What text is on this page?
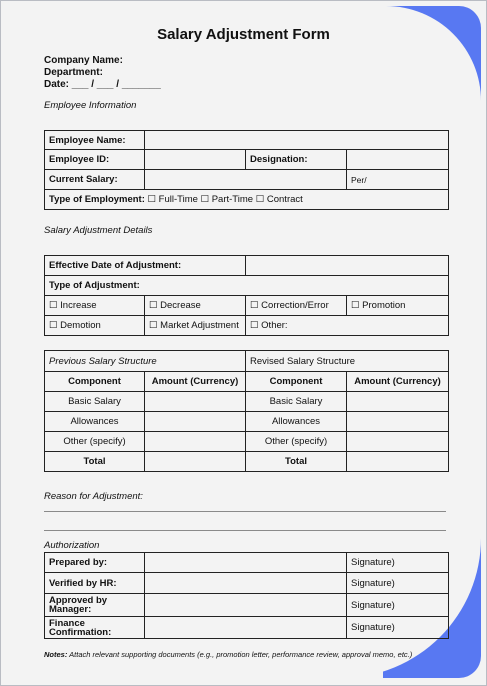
Salary Adjustment Form
Company Name:
Department:
Date: ___ / ___ / _______
Employee Information
Employee Name:			
Employee ID:		Designation:	
Current Salary:			Per/
Type of Employment: ☐ Full-Time ☐ Part-Time ☐ Contract			
Salary Adjustment Details
Effective Date of Adjustment:			
Type of Adjustment:			
☐ Increase	☐ Decrease	☐ Correction/Error	☐ Promotion
☐ Demotion	☐ Market Adjustment	☐ Other:	
Previous Salary Structure		Revised Salary Structure	
Component	Amount (Currency)	Component	Amount (Currency)
Basic Salary		Basic Salary	
Allowances		Allowances	
Other (specify)		Other (specify)	
Total		Total	
Reason for Adjustment:
Authorization
Prepared by:		Signature)
Verified by HR:		Signature)
Approved by Manager:		Signature)
Finance Confirmation:		Signature)
Notes: Attach relevant supporting documents (e.g., promotion letter, performance review, approval memo, etc.)
